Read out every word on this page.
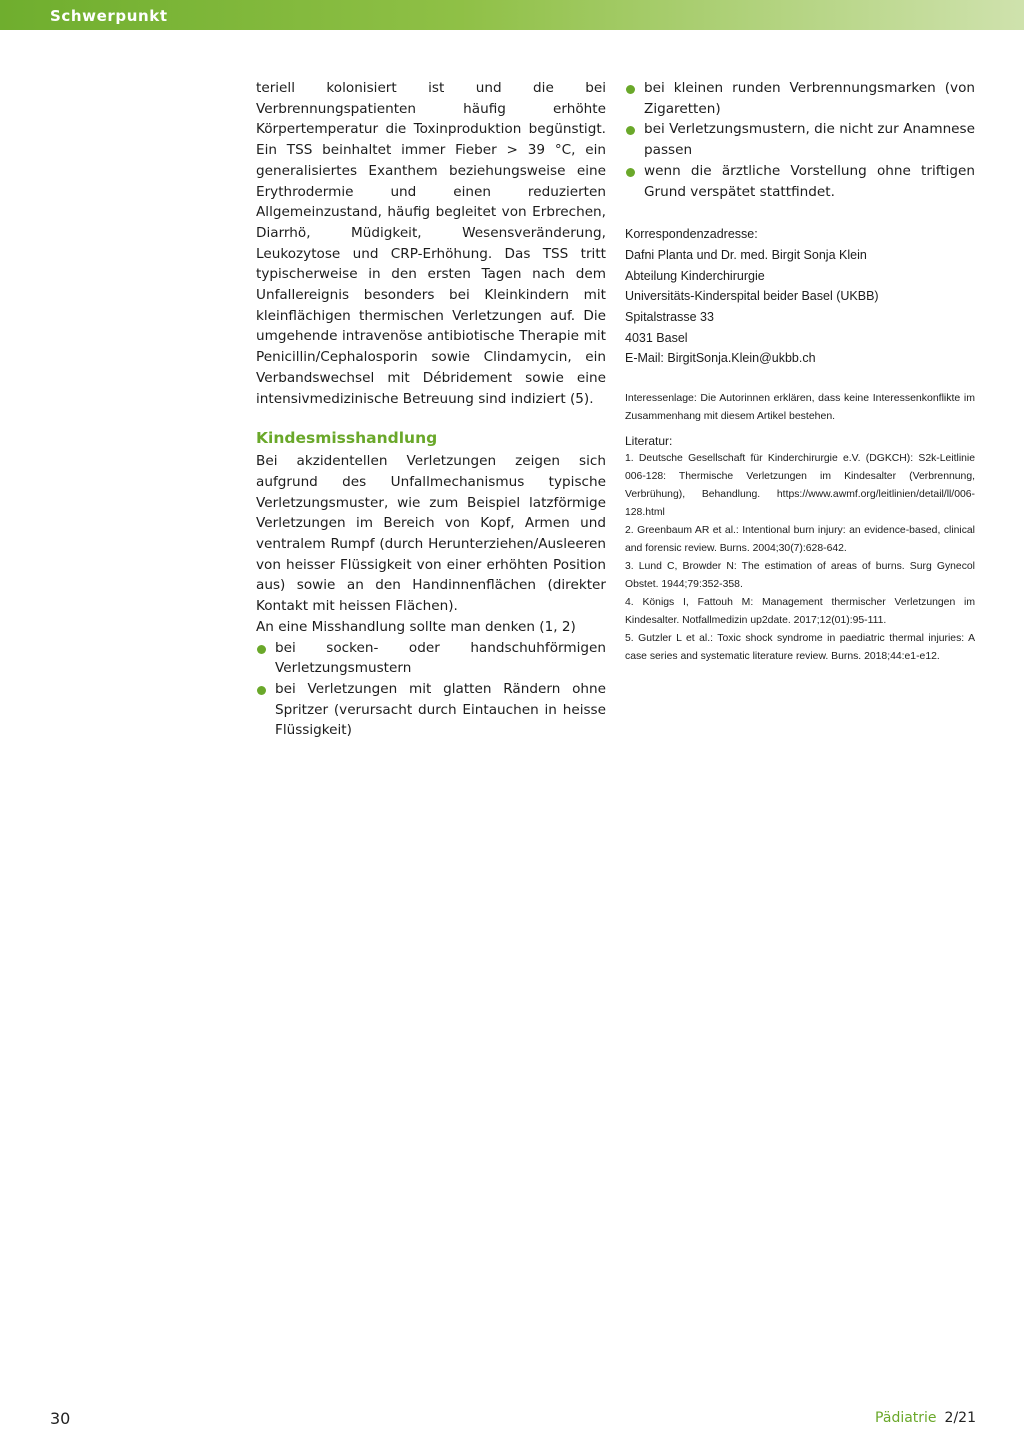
Schwerpunkt

teriell kolonisiert ist und die bei Verbrennungspatienten häufig erhöhte Körpertemperatur die Toxinproduktion begünstigt. Ein TSS beinhaltet immer Fieber > 39 °C, ein generalisiertes Exanthem beziehungsweise eine Erythrodermie und einen reduzierten Allgemeinzustand, häufig begleitet von Erbrechen, Diarrhö, Müdigkeit, Wesensveränderung, Leukozytose und CRP-Erhöhung. Das TSS tritt typischerweise in den ersten Tagen nach dem Unfallereignis besonders bei Kleinkindern mit kleinflächigen thermischen Verletzungen auf. Die umgehende intravenöse antibiotische Therapie mit Penicillin/Cephalosporin sowie Clindamycin, ein Verbandswechsel mit Débridement sowie eine intensivmedizinische Betreuung sind indiziert (5).

Kindesmisshandlung

Bei akzidentellen Verletzungen zeigen sich aufgrund des Unfallmechanismus typische Verletzungsmuster, wie zum Beispiel latzförmige Verletzungen im Bereich von Kopf, Armen und ventralem Rumpf (durch Herunterziehen/Ausleeren von heisser Flüssigkeit von einer erhöhten Position aus) sowie an den Handinnenflächen (direkter Kontakt mit heissen Flächen).

An eine Misshandlung sollte man denken (1, 2)

bei socken- oder handschuhförmigen Verletzungsmustern
bei Verletzungen mit glatten Rändern ohne Spritzer (verursacht durch Eintauchen in heisse Flüssigkeit)
bei kleinen runden Verbrennungsmarken (von Zigaretten)
bei Verletzungsmustern, die nicht zur Anamnese passen
wenn die ärztliche Vorstellung ohne triftigen Grund verspätet stattfindet.
Korrespondenzadresse:
Dafni Planta und Dr. med. Birgit Sonja Klein
Abteilung Kinderchirurgie
Universitäts-Kinderspital beider Basel (UKBB)
Spitalstrasse 33
4031 Basel
E-Mail: BirgitSonja.Klein@ukbb.ch

Interessenlage: Die Autorinnen erklären, dass keine Interessenkonflikte im Zusammenhang mit diesem Artikel bestehen.

Literatur:
1. Deutsche Gesellschaft für Kinderchirurgie e.V. (DGKCH): S2k-Leitlinie 006-128: Thermische Verletzungen im Kindesalter (Verbrennung, Verbrühung), Behandlung. https://www.awmf.org/leitlinien/detail/ll/006-128.html
2. Greenbaum AR et al.: Intentional burn injury: an evidence-based, clinical and forensic review. Burns. 2004;30(7):628-642.
3. Lund C, Browder N: The estimation of areas of burns. Surg Gynecol Obstet. 1944;79:352-358.
4. Königs I, Fattouh M: Management thermischer Verletzungen im Kindesalter. Notfallmedizin up2date. 2017;12(01):95-111.
5. Gutzler L et al.: Toxic shock syndrome in paediatric thermal injuries: A case series and systematic literature review. Burns. 2018;44:e1-e12.
30	Pädiatrie 2/21
